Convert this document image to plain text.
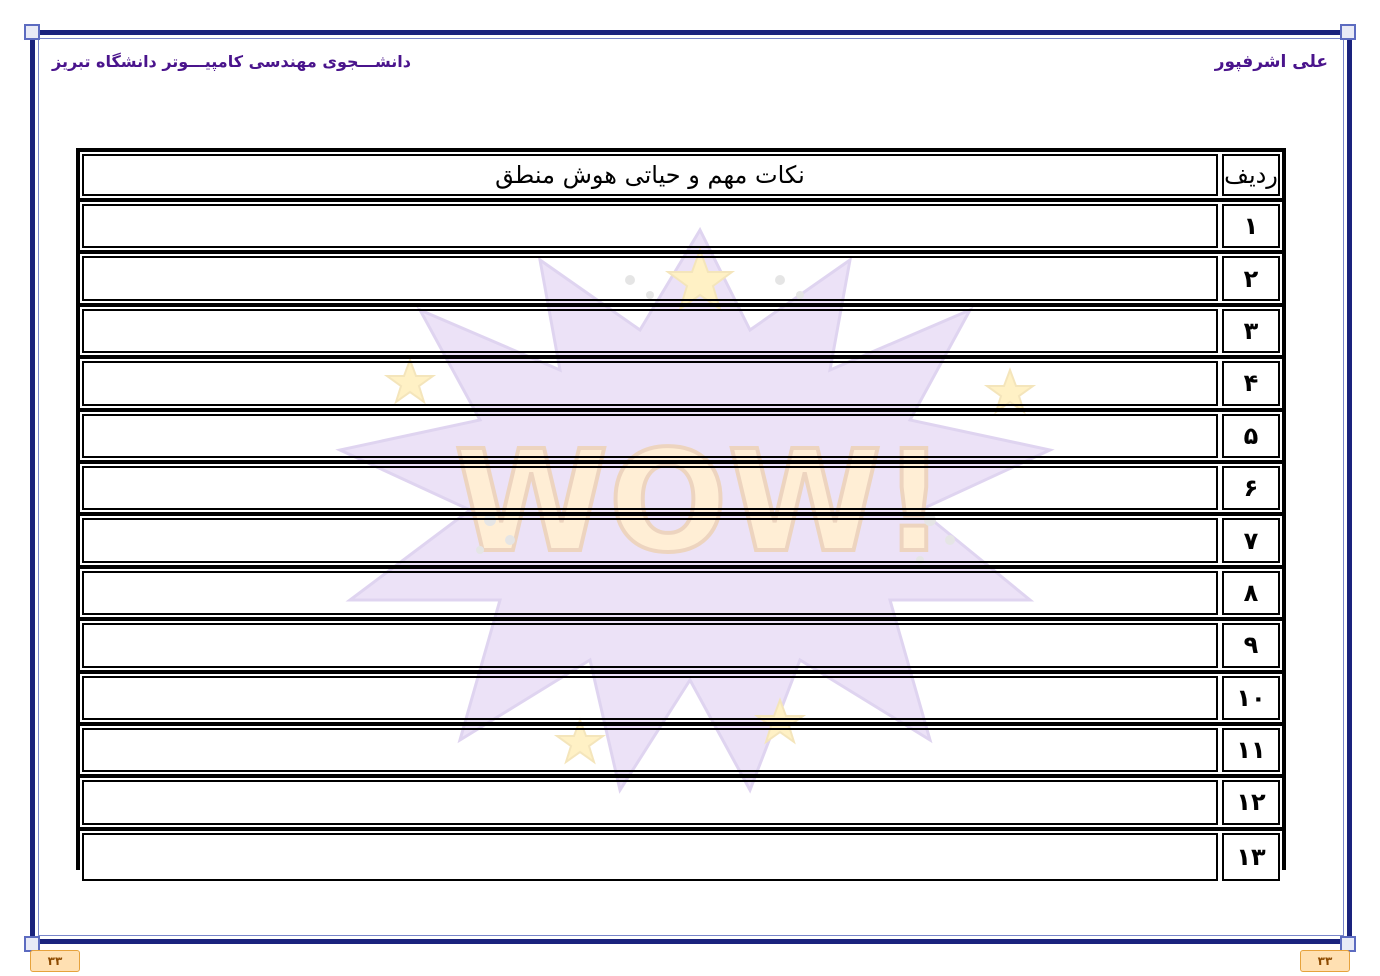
علی اشرفپور
دانشـــجوی مهندسی کامپیـــوتر دانشگاه تبریز
WOW!
ردیف
نکات مهم و حیاتی هوش منطق
۱
۲
۳
۴
۵
۶
۷
۸
۹
۱۰
۱۱
۱۲
۱۳
۳۳	۳۳
